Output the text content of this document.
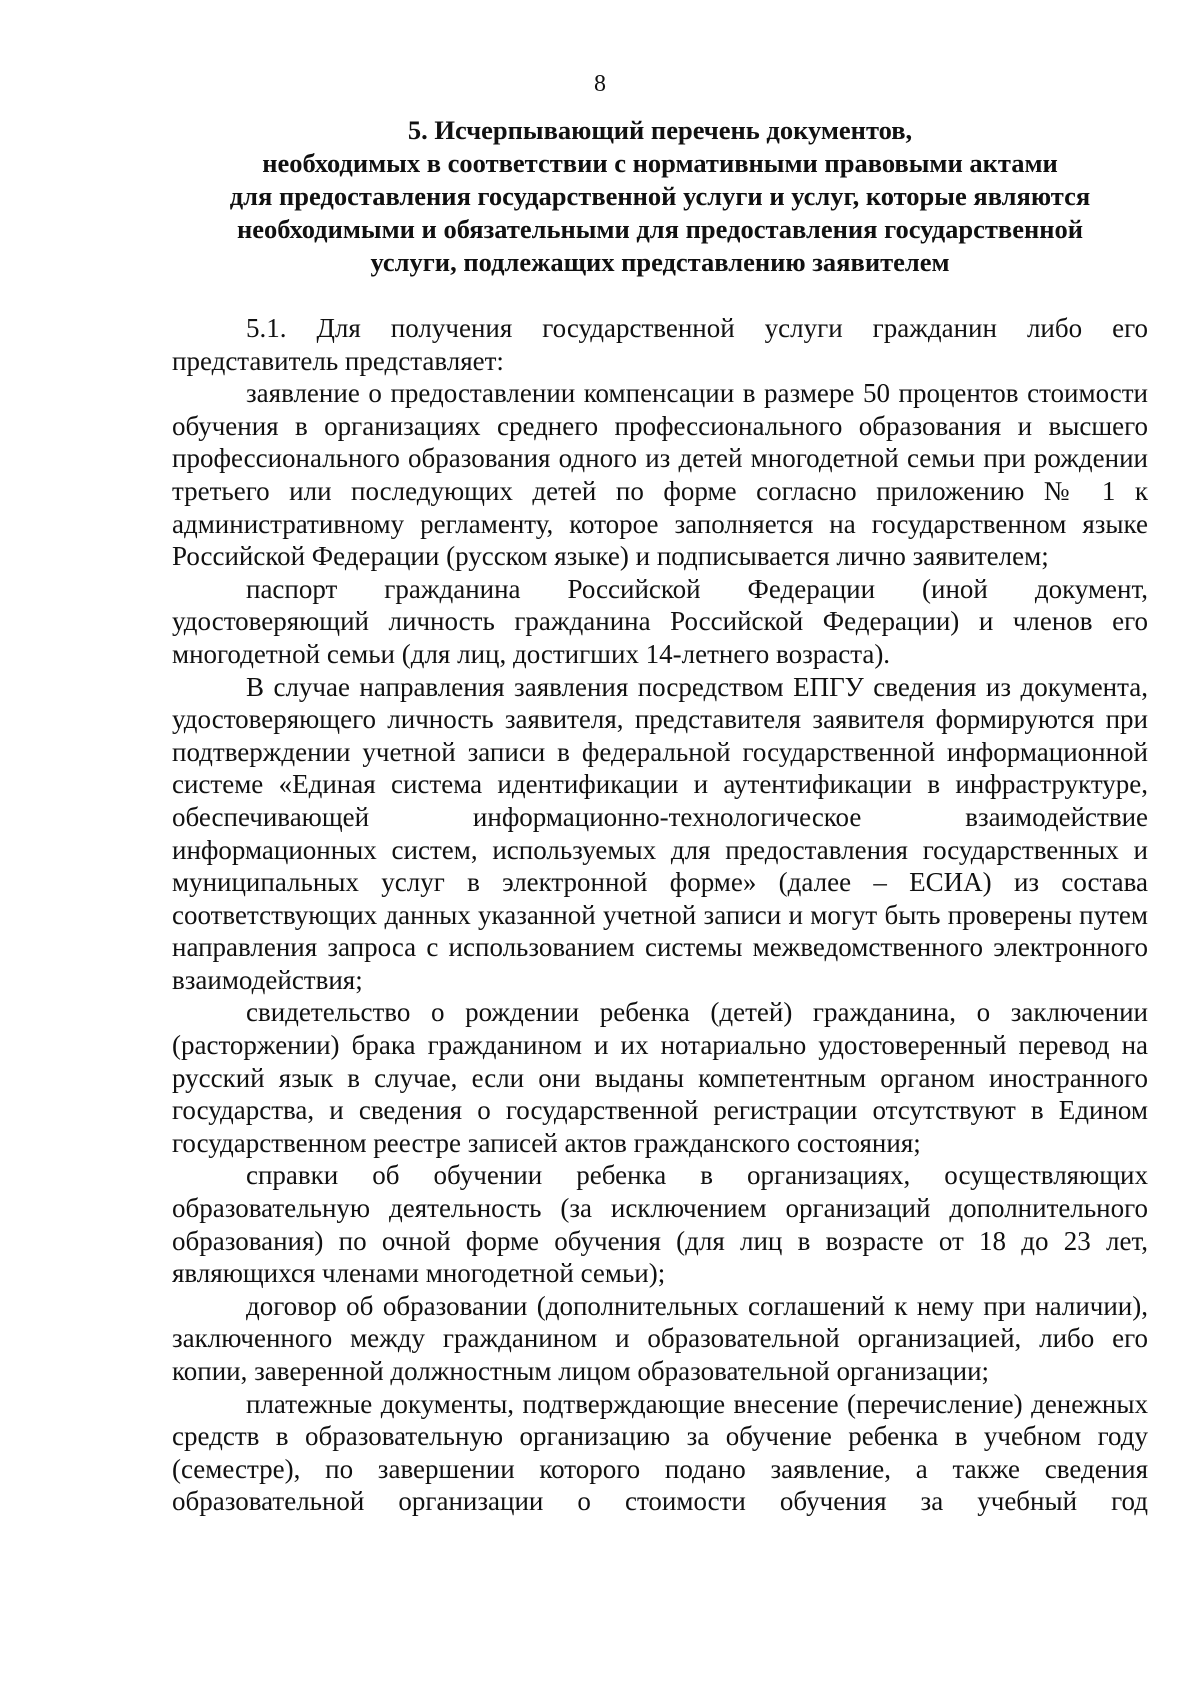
8
5. Исчерпывающий перечень документов,
необходимых в соответствии с нормативными правовыми актами
для предоставления государственной услуги и услуг, которые являются
необходимыми и обязательными для предоставления государственной
услуги, подлежащих представлению заявителем

5.1. Для получения государственной услуги гражданин либо его представитель представляет:

заявление о предоставлении компенсации в размере 50 процентов стоимости обучения в организациях среднего профессионального образования и высшего профессионального образования одного из детей многодетной семьи при рождении третьего или последующих детей по форме согласно приложению № 1 к административному регламенту, которое заполняется на государственном языке Российской Федерации (русском языке) и подписывается лично заявителем;

паспорт гражданина Российской Федерации (иной документ, удостоверяющий личность гражданина Российской Федерации) и членов его многодетной семьи (для лиц, достигших 14-летнего возраста).

В случае направления заявления посредством ЕПГУ сведения из документа, удостоверяющего личность заявителя, представителя заявителя формируются при подтверждении учетной записи в федеральной государственной информационной системе «Единая система идентификации и аутентификации в инфраструктуре, обеспечивающей информационно-технологическое взаимодействие информационных систем, используемых для предоставления государственных и муниципальных услуг в электронной форме» (далее – ЕСИА) из состава соответствующих данных указанной учетной записи и могут быть проверены путем направления запроса с использованием системы межведомственного электронного взаимодействия;

свидетельство о рождении ребенка (детей) гражданина, о заключении (расторжении) брака гражданином и их нотариально удостоверенный перевод на русский язык в случае, если они выданы компетентным органом иностранного государства, и сведения о государственной регистрации отсутствуют в Едином государственном реестре записей актов гражданского состояния;

справки об обучении ребенка в организациях, осуществляющих образовательную деятельность (за исключением организаций дополнительного образования) по очной форме обучения (для лиц в возрасте от 18 до 23 лет, являющихся членами многодетной семьи);

договор об образовании (дополнительных соглашений к нему при наличии), заключенного между гражданином и образовательной организацией, либо его копии, заверенной должностным лицом образовательной организации;

платежные документы, подтверждающие внесение (перечисление) денежных средств в образовательную организацию за обучение ребенка в учебном году (семестре), по завершении которого подано заявление, а также сведения образовательной организации о стоимости обучения за учебный год
